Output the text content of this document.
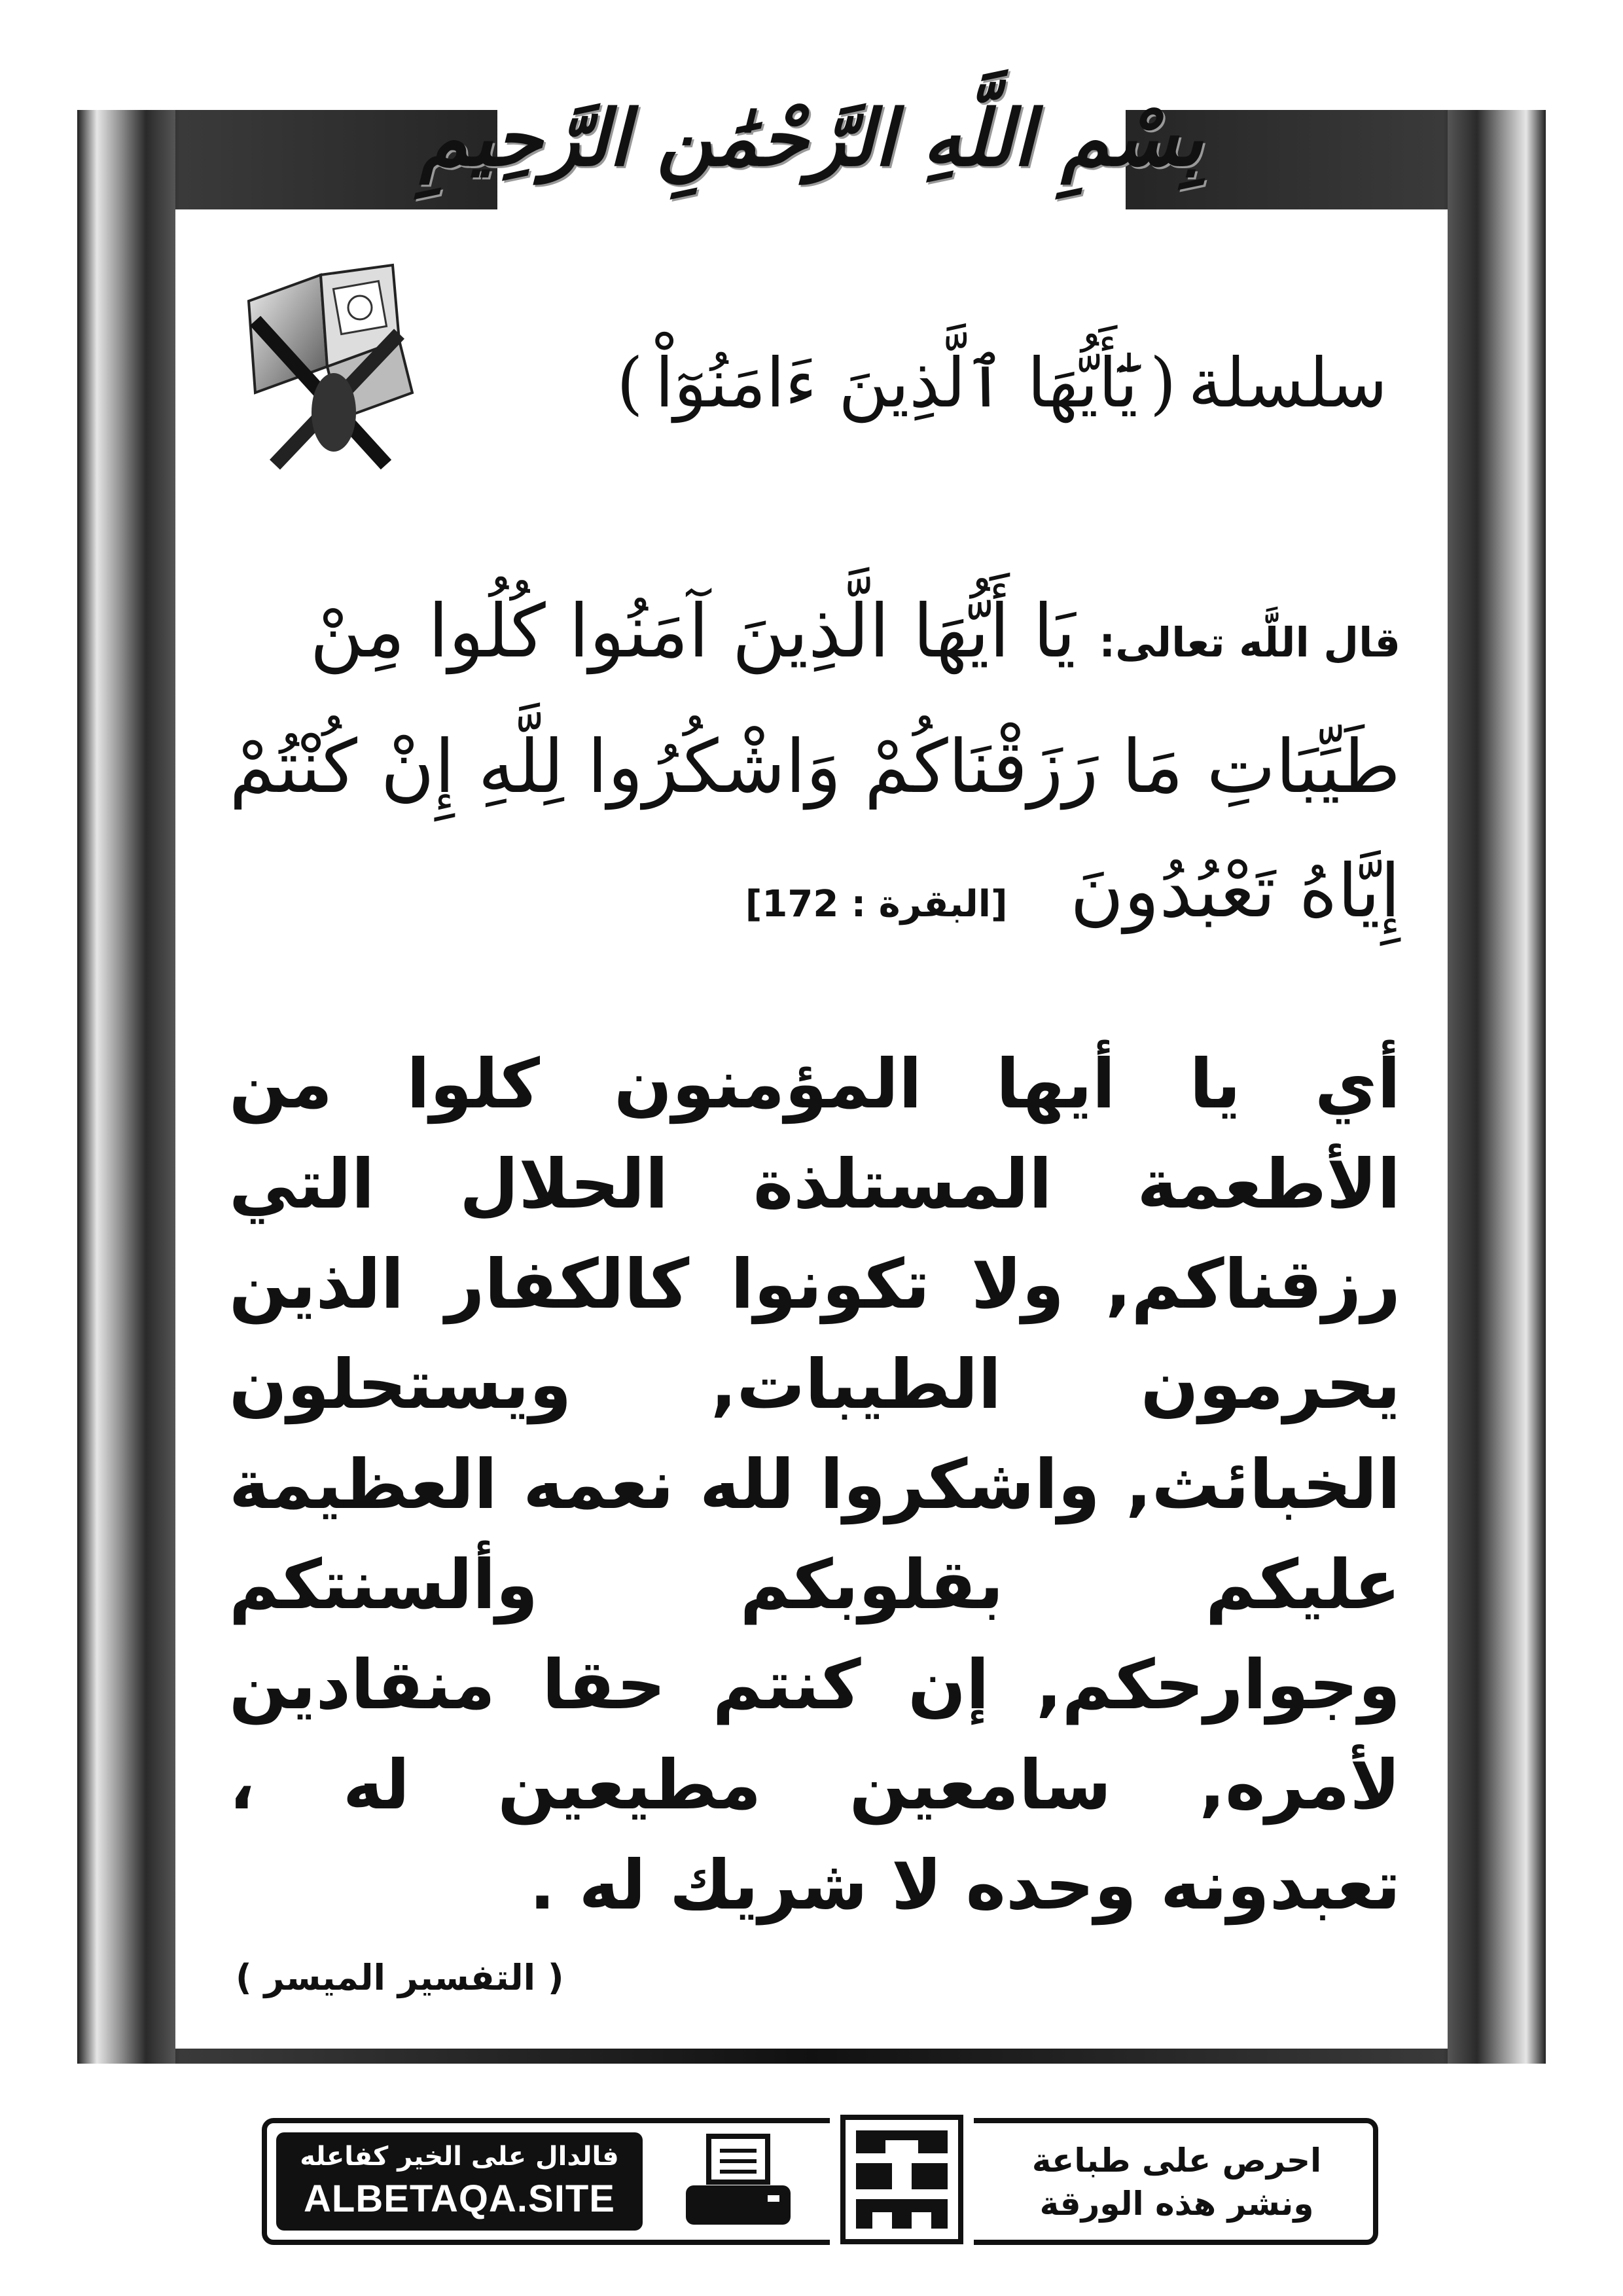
بِسْمِ اللَّهِ الرَّحْمَٰنِ الرَّحِيمِ
سلسلة
(
يَٰٓأَيُّهَا ٱلَّذِينَ ءَامَنُوٓاْ
)
قال اللَّه تعالى: يَا أَيُّهَا الَّذِينَ آمَنُوا كُلُوا مِنْ طَيِّبَاتِ مَا رَزَقْنَاكُمْ وَاشْكُرُوا لِلَّهِ إِنْ كُنْتُمْ إِيَّاهُ تَعْبُدُونَ [البقرة : 172]
أي يا أيها المؤمنون كلوا من الأطعمة المستلذة الحلال التي رزقناكم, ولا تكونوا كالكفار الذين يحرمون الطيبات, ويستحلون الخبائث, واشكروا لله نعمه العظيمة عليكم بقلوبكم وألسنتكم وجوارحكم, إن كنتم حقا منقادين لأمره, سامعين مطيعين له ، تعبدونه وحده لا شريك له .
( التفسير الميسر )
فالدال على الخير كفاعله
ALBETAQA.SITE
احرص على طباعة
ونشر هذه الورقة
